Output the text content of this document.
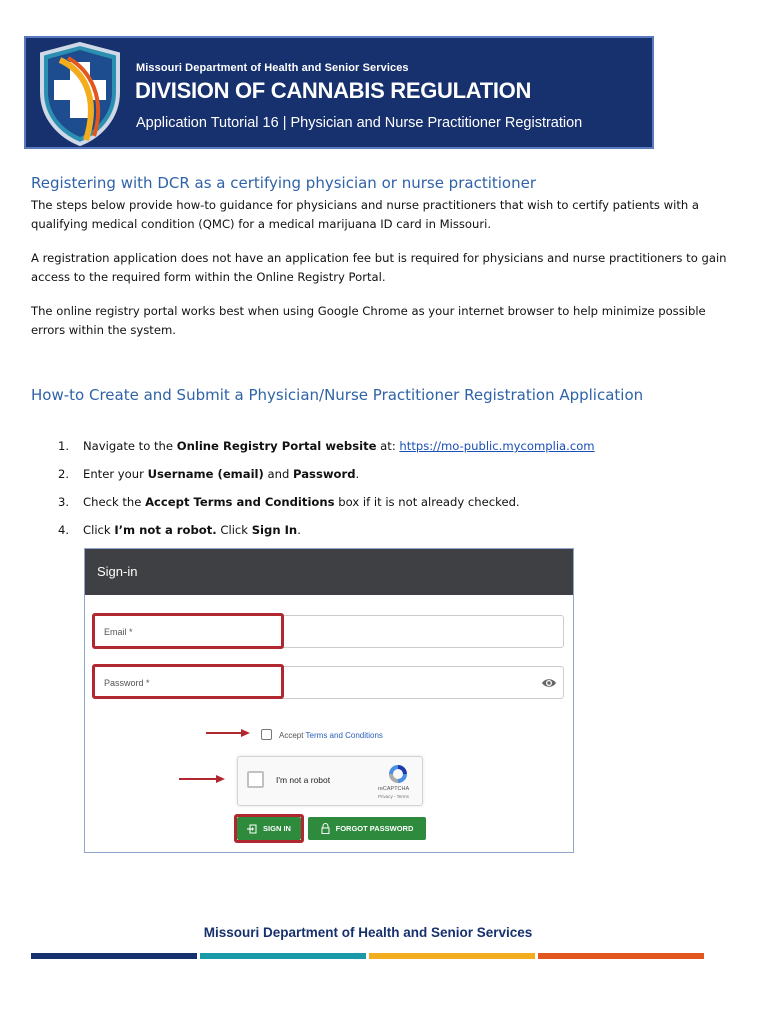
Missouri Department of Health and Senior Services
DIVISION OF CANNABIS REGULATION
Application Tutorial 16 | Physician and Nurse Practitioner Registration
Registering with DCR as a certifying physician or nurse practitioner
The steps below provide how-to guidance for physicians and nurse practitioners that wish to certify patients with a qualifying medical condition (QMC) for a medical marijuana ID card in Missouri.
A registration application does not have an application fee but is required for physicians and nurse practitioners to gain access to the required form within the Online Registry Portal.
The online registry portal works best when using Google Chrome as your internet browser to help minimize possible errors within the system.
How-to Create and Submit a Physician/Nurse Practitioner Registration Application
1. Navigate to the Online Registry Portal website at: https://mo-public.mycomplia.com
2. Enter your Username (email) and Password.
3. Check the Accept Terms and Conditions box if it is not already checked.
4. Click I’m not a robot. Click Sign In.
Sign-in
Email *
Password *
Accept Terms and Conditions
I'm not a robot
reCAPTCHA
Privacy - Terms
SIGN IN	FORGOT PASSWORD
Missouri Department of Health and Senior Services
